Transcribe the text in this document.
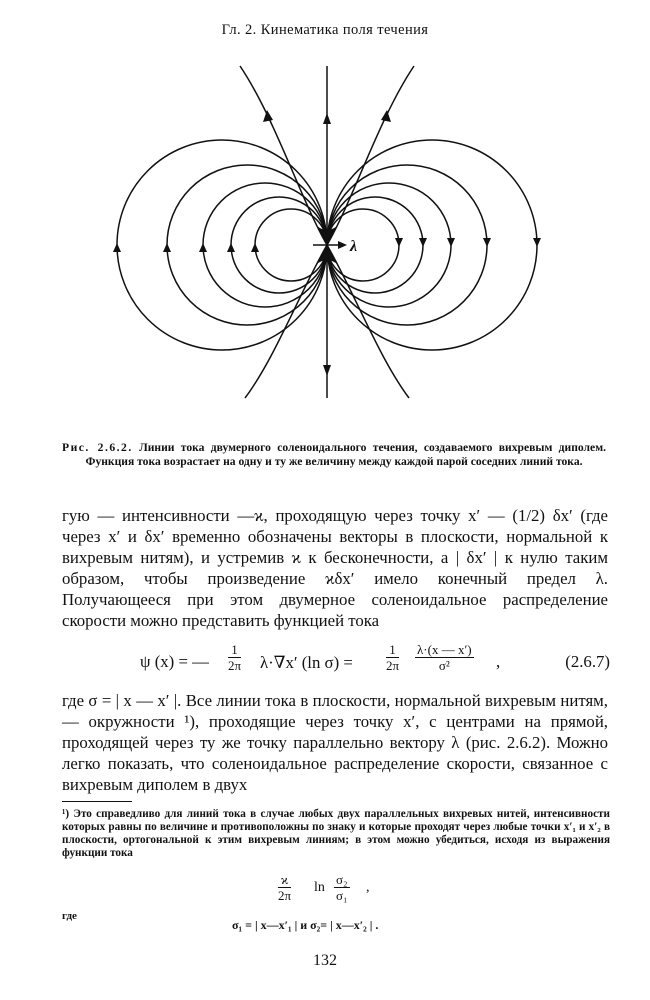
Гл. 2. Кинематика поля течения
λ
Рис. 2.6.2. Линии тока двумерного соленоидального течения, создаваемого вихревым диполем. Функция тока возрастает на одну и ту же величину между каждой парой соседних линий тока.
гую — интенсивности —ϰ, проходящую через точку x′ — (1/2) δx′ (где через x′ и δx′ временно обозначены векторы в плоскости, нормальной к вихревым нитям), и устремив ϰ к бесконечности, а | δx′ | к нулю таким образом, чтобы произведение ϰδx′ имело конечный предел λ. Получающееся при этом двумерное соленоидальное распределение скорости можно представить функцией тока
ψ (x) = — $\frac{1}{2\pi} \lambda\cdot\nabla x'$ (ln σ) =	$\frac{1}{2\pi} \frac{\lambda\cdot(x — x')}{\text{σ²}}$ ,	(2.6.7)
где σ = | x — x′ |. Все линии тока в плоскости, нормальной вихревым нитям,— окружности ¹), проходящие через точку x′, с центрами на прямой, проходящей через ту же точку параллельно вектору λ (рис. 2.6.2). Можно легко показать, что соленоидальное распределение скорости, связанное с вихревым диполем в двух
¹) Это справедливо для линий тока в случае любых двух параллельных вихревых нитей, интенсивности которых равны по величине и противоположны по знаку и которые проходят через любые точки x′₁ и x′₂ в плоскости, ортогональной к этим вихревым линиям; в этом можно убедиться, исходя из выражения функции тока
$\frac{ϰ}{2\pi}$ $\ln \frac{\text{σ₂}}{\text{σ₁}}$ ,
где
σ₁ = | x—x′₁ | и σ₂= | x—x′₂ | .
132
